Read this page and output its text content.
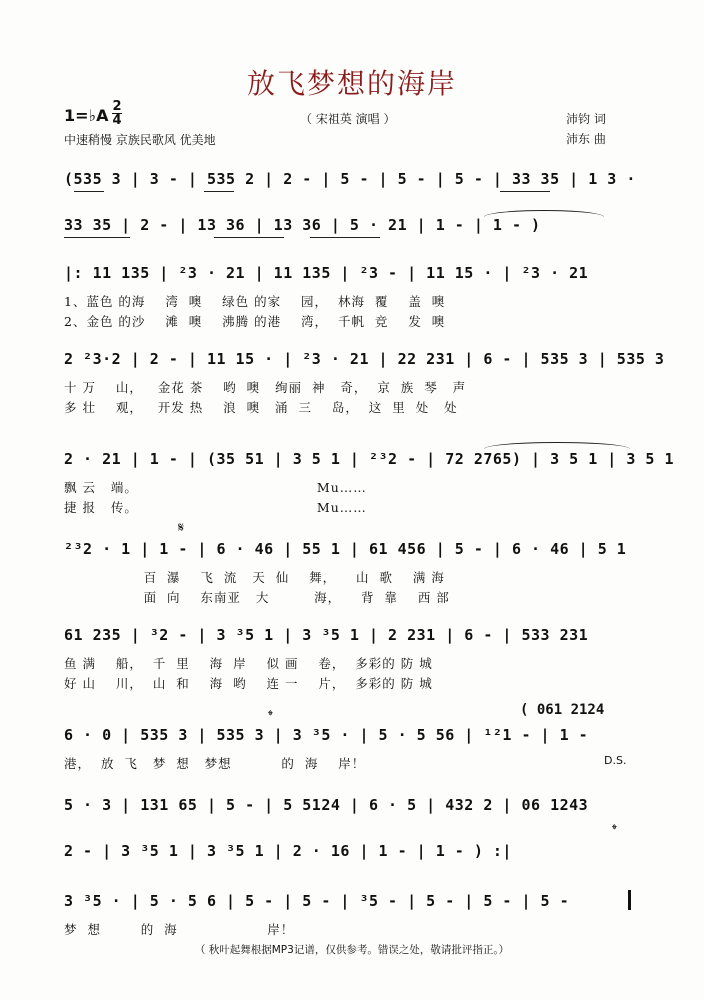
放飞梦想的海岸
1=♭A 2
4	（ 宋祖英 演唱 ）	沛钧 词
沛东 曲
中速稍慢 京族民歌风 优美地
(535 3 | 3 - | 535 2 | 2 - | 5 - | 5 - | 5 - | 33 35 | 1 3 ·
33 35 | 2 - | 13 36 | 13 36 | 5 · 21 | 1 - | 1 - )
|: 11 135 | ²3 · 21 | 11 135 | ²3 - | 11 15 · | ²3 · 21
1、蓝色 的海    湾  噢    绿色 的家    园，  林海  覆    盖  噢
2、金色 的沙    滩  噢    沸腾 的港    湾，  千帆  竞    发  噢
2 ²3·2 | 2 - | 11 15 · | ²3 · 21 | 22 231 | 6 - | 535 3 | 535 3
十 万    山，   金花 茶    哟  噢   绚丽  神   奇，  京  族  琴   声
多 壮    观，   开发 热    浪  噢   涌  三    岛，  这  里  处   处
2 · 21 | 1 - | (35 51 | 3 5 1 | ²³2 - | 72 2765) | 3 5 1 | 3 5 1
飘 云   端。                                    Mu……
捷 报   传。                                    Mu……
𝄋
²³2 · 1 | 1 - | 6 · 46 | 55 1 | 61 456 | 5 - | 6 · 46 | 5 1
百  瀑    飞  流   天  仙    舞，    山  歌    满 海
面  向    东南亚   大         海，    背  靠    西 部
61 235 | ³2 - | 3 ³5 1 | 3 ³5 1 | 2 231 | 6 - | 533 231
鱼 满    船，  千  里    海  岸    似 画    卷，  多彩的 防 城
好 山    川，  山  和    海  哟    连 一    片，  多彩的 防 城
𝄌	( 061 2124
6 · 0 | 535 3 | 535 3 | 3 ³5 · | 5 · 5 56 | ¹²1 - | 1 -
港，  放  飞   梦  想   梦想          的  海    岸！	D.S.
5 · 3 | 131 65 | 5 - | 5 5124 | 6 · 5 | 432 2 | 06 1243
𝄌
2 - | 3 ³5 1 | 3 ³5 1 | 2 · 16 | 1 - | 1 - ) :|
3 ³5 · | 5 · 5 6 | 5 - | 5 - | ³5 - | 5 - | 5 - | 5 -
梦  想        的  海                  岸！
（ 秋叶起舞根据MP3记谱，仅供参考。错误之处，敬请批评指正。）
